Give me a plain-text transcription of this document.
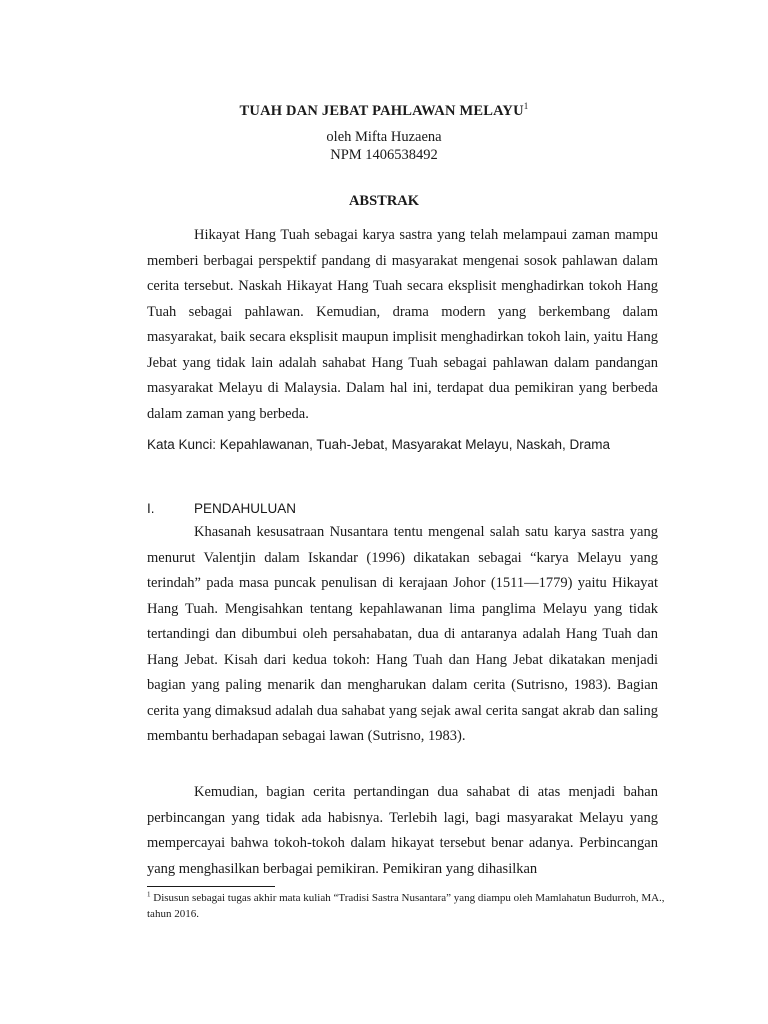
TUAH DAN JEBAT PAHLAWAN MELAYU$^1$
oleh Mifta Huzaena
NPM 1406538492
ABSTRAK

Hikayat Hang Tuah sebagai karya sastra yang telah melampaui zaman mampu memberi berbagai perspektif pandang di masyarakat mengenai sosok pahlawan dalam cerita tersebut. Naskah Hikayat Hang Tuah secara eksplisit menghadirkan tokoh Hang Tuah sebagai pahlawan. Kemudian, drama modern yang berkembang dalam masyarakat, baik secara eksplisit maupun implisit menghadirkan tokoh lain, yaitu Hang Jebat yang tidak lain adalah sahabat Hang Tuah sebagai pahlawan dalam pandangan masyarakat Melayu di Malaysia. Dalam hal ini, terdapat dua pemikiran yang berbeda dalam zaman yang berbeda.

Kata Kunci: Kepahlawanan, Tuah-Jebat, Masyarakat Melayu, Naskah, Drama

I.	PENDAHULUAN

Khasanah kesusatraan Nusantara tentu mengenal salah satu karya sastra yang menurut Valentjin dalam Iskandar (1996) dikatakan sebagai “karya Melayu yang terindah” pada masa puncak penulisan di kerajaan Johor (1511—1779) yaitu Hikayat Hang Tuah. Mengisahkan tentang kepahlawanan lima panglima Melayu yang tidak tertandingi dan dibumbui oleh persahabatan, dua di antaranya adalah Hang Tuah dan Hang Jebat. Kisah dari kedua tokoh: Hang Tuah dan Hang Jebat dikatakan menjadi bagian yang paling menarik dan mengharukan dalam cerita (Sutrisno, 1983). Bagian cerita yang dimaksud adalah dua sahabat yang sejak awal cerita sangat akrab dan saling membantu berhadapan sebagai lawan (Sutrisno, 1983).

Kemudian, bagian cerita pertandingan dua sahabat di atas menjadi bahan perbincangan yang tidak ada habisnya. Terlebih lagi, bagi masyarakat Melayu yang mempercayai bahwa tokoh-tokoh dalam hikayat tersebut benar adanya. Perbincangan yang menghasilkan berbagai pemikiran. Pemikiran yang dihasilkan

$^1$ Disusun sebagai tugas akhir mata kuliah “Tradisi Sastra Nusantara” yang diampu oleh Mamlahatun Budurroh, MA., tahun 2016.
